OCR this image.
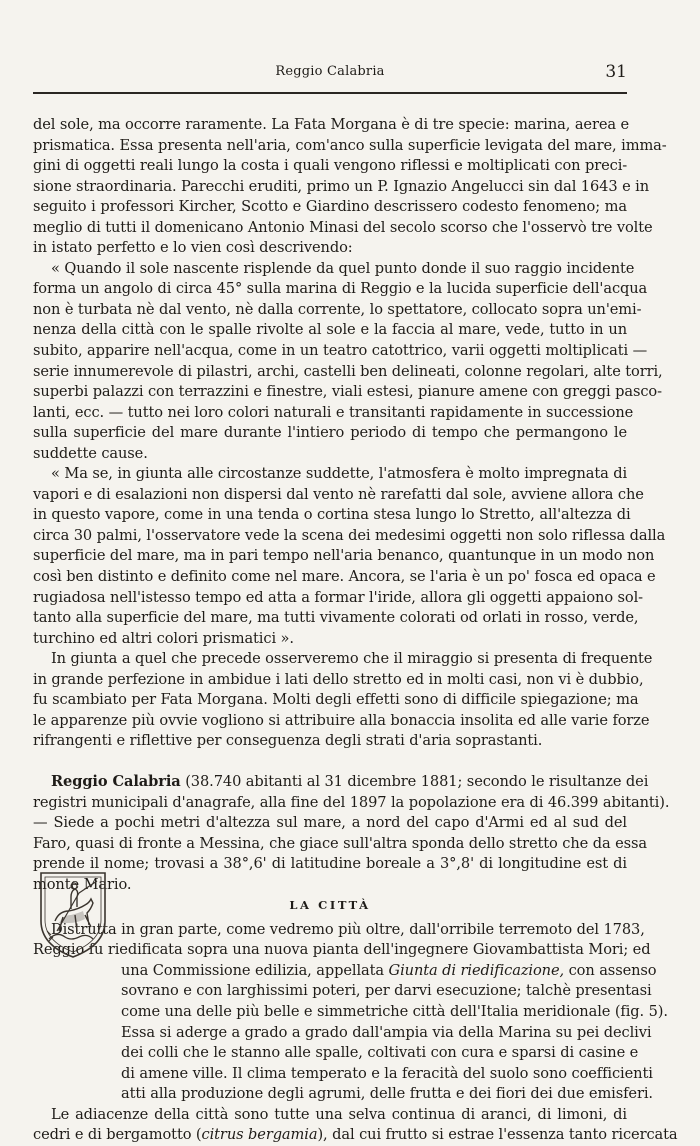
Reggio Calabria	31
del sole, ma occorre raramente. La Fata Morgana è di tre specie: marina, aerea e
prismatica. Essa presenta nell'aria, com'anco sulla superficie levigata del mare, imma-
gini di oggetti reali lungo la costa i quali vengono riflessi e moltiplicati con preci-
sione straordinaria. Parecchi eruditi, primo un P. Ignazio Angelucci sin dal 1643 e in
seguito i professori Kircher, Scotto e Giardino descrissero codesto fenomeno; ma
meglio di tutti il domenicano Antonio Minasi del secolo scorso che l'osservò tre volte
in istato perfetto e lo vien così descrivendo:
« Quando il sole nascente risplende da quel punto donde il suo raggio incidente
forma un angolo di circa 45° sulla marina di Reggio e la lucida superficie dell'acqua
non è turbata nè dal vento, nè dalla corrente, lo spettatore, collocato sopra un'emi-
nenza della città con le spalle rivolte al sole e la faccia al mare, vede, tutto in un
subito, apparire nell'acqua, come in un teatro catottrico, varii oggetti moltiplicati —
serie innumerevole di pilastri, archi, castelli ben delineati, colonne regolari, alte torri,
superbi palazzi con terrazzini e finestre, viali estesi, pianure amene con greggi pasco-
lanti, ecc. — tutto nei loro colori naturali e transitanti rapidamente in successione
sulla superficie del mare durante l'intiero periodo di tempo che permangono le
suddette cause.
« Ma se, in giunta alle circostanze suddette, l'atmosfera è molto impregnata di
vapori e di esalazioni non dispersi dal vento nè rarefatti dal sole, avviene allora che
in questo vapore, come in una tenda o cortina stesa lungo lo Stretto, all'altezza di
circa 30 palmi, l'osservatore vede la scena dei medesimi oggetti non solo riflessa dalla
superficie del mare, ma in pari tempo nell'aria benanco, quantunque in un modo non
così ben distinto e definito come nel mare. Ancora, se l'aria è un po' fosca ed opaca e
rugiadosa nell'istesso tempo ed atta a formar l'iride, allora gli oggetti appaiono sol-
tanto alla superficie del mare, ma tutti vivamente colorati od orlati in rosso, verde,
turchino ed altri colori prismatici ».
In giunta a quel che precede osserveremo che il miraggio si presenta di frequente
in grande perfezione in ambidue i lati dello stretto ed in molti casi, non vi è dubbio,
fu scambiato per Fata Morgana. Molti degli effetti sono di difficile spiegazione; ma
le apparenze più ovvie vogliono si attribuire alla bonaccia insolita ed alle varie forze
rifrangenti e riflettive per conseguenza degli strati d'aria soprastanti.
Reggio Calabria (38.740 abitanti al 31 dicembre 1881; secondo le risultanze dei
registri municipali d'anagrafe, alla fine del 1897 la popolazione era di 46.399 abitanti).
— Siede a pochi metri d'altezza sul mare, a nord del capo d'Armi ed al sud del
Faro, quasi di fronte a Messina, che giace sull'altra sponda dello stretto che da essa
prende il nome; trovasi a 38°,6' di latitudine boreale a 3°,8' di longitudine est di
monte Mario.
LA CITTÀ
Distrutta in gran parte, come vedremo più oltre, dall'orribile terremoto del 1783,
Reggio fu riedificata sopra una nuova pianta dell'ingegnere Giovambattista Mori; ed
una Commissione edilizia, appellata Giunta di riedificazione, con assenso
sovrano e con larghissimi poteri, per darvi esecuzione; talchè presentasi
come una delle più belle e simmetriche città dell'Italia meridionale (fig. 5).
Essa si aderge a grado a grado dall'ampia via della Marina su pei declivi
dei colli che le stanno alle spalle, coltivati con cura e sparsi di casine e
di amene ville. Il clima temperato e la feracità del suolo sono coefficienti
atti alla produzione degli agrumi, delle frutta e dei fiori dei due emisferi.
Le adiacenze della città sono tutte una selva continua di aranci, di limoni, di
cedri e di bergamotto (citrus bergamia), dal cui frutto si estrae l'essenza tanto ricercata
